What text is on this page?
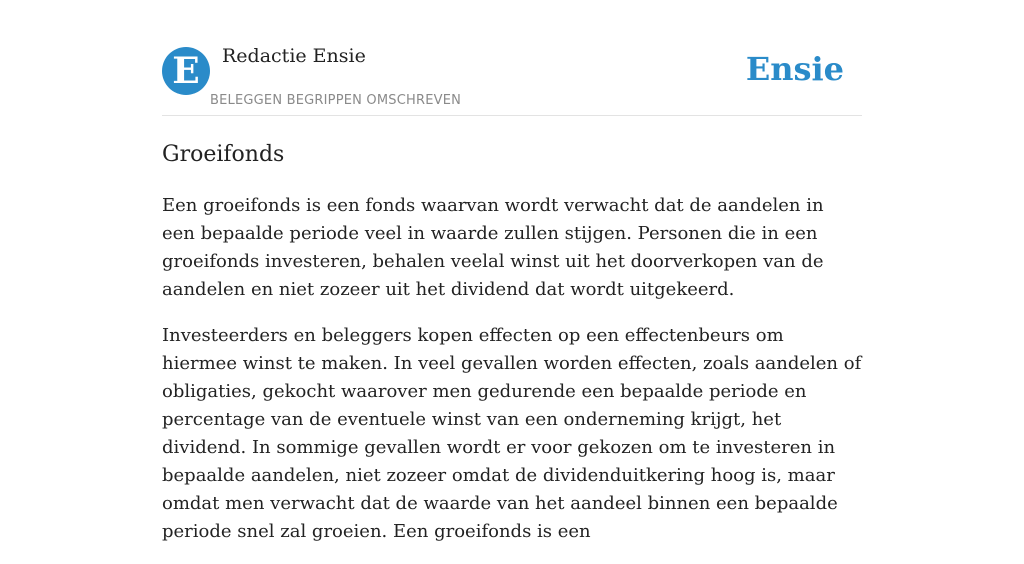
E	Redactie Ensie
BELEGGEN BEGRIPPEN OMSCHREVEN
Ensie
Groeifonds

Een groeifonds is een fonds waarvan wordt verwacht dat de aandelen in een bepaalde periode veel in waarde zullen stijgen. Personen die in een groeifonds investeren, behalen veelal winst uit het doorverkopen van de aandelen en niet zozeer uit het dividend dat wordt uitgekeerd.

Investeerders en beleggers kopen effecten op een effectenbeurs om hiermee winst te maken. In veel gevallen worden effecten, zoals aandelen of obligaties, gekocht waarover men gedurende een bepaalde periode en percentage van de eventuele winst van een onderneming krijgt, het dividend. In sommige gevallen wordt er voor gekozen om te investeren in bepaalde aandelen, niet zozeer omdat de dividenduitkering hoog is, maar omdat men verwacht dat de waarde van het aandeel binnen een bepaalde periode snel zal groeien. Een groeifonds is een
